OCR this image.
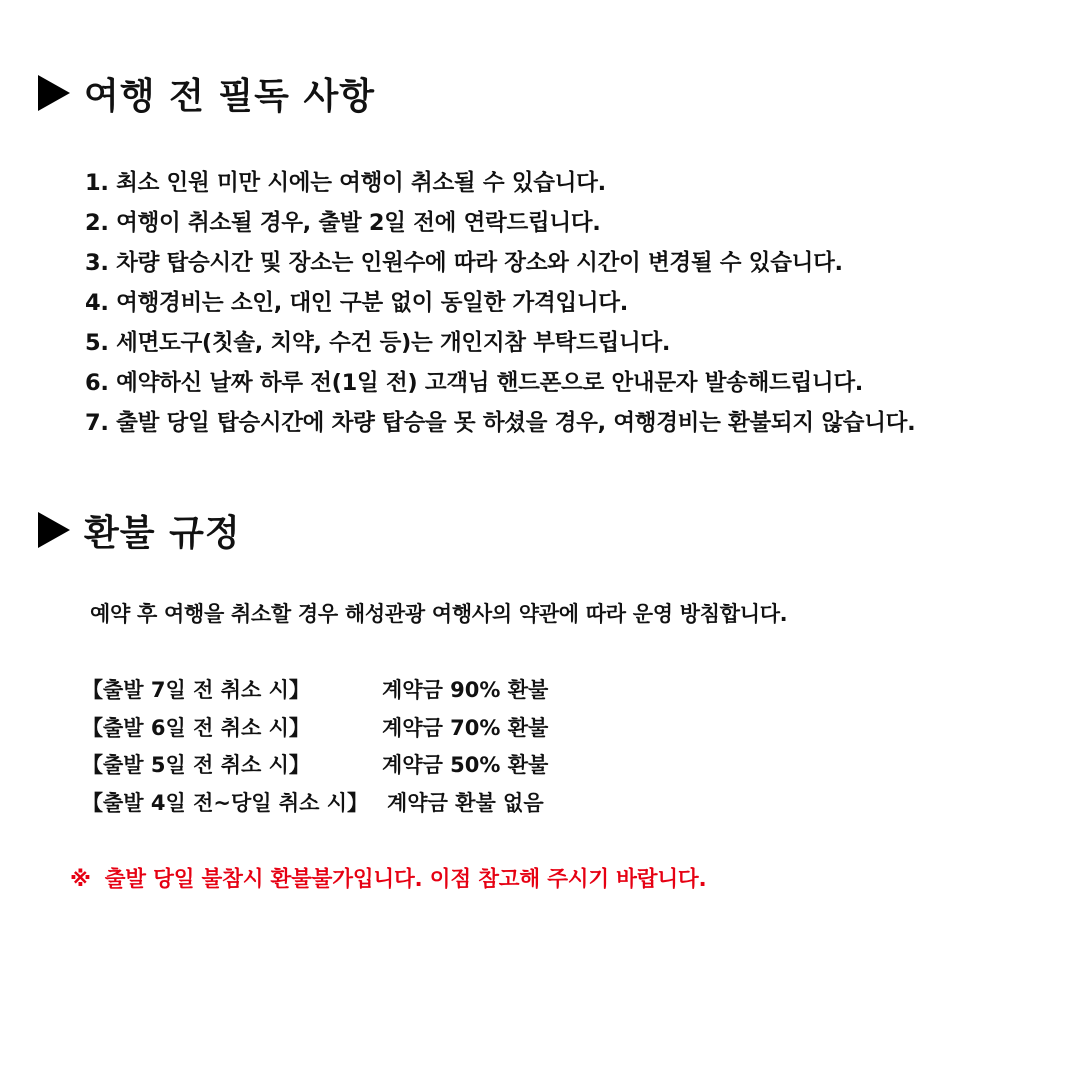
여행 전 필독 사항
1. 최소 인원 미만 시에는 여행이 취소될 수 있습니다.
2. 여행이 취소될 경우, 출발 2일 전에 연락드립니다.
3. 차량 탑승시간 및 장소는 인원수에 따라 장소와 시간이 변경될 수 있습니다.
4. 여행경비는 소인, 대인 구분 없이 동일한 가격입니다.
5. 세면도구(칫솔, 치약, 수건 등)는 개인지참 부탁드립니다.
6. 예약하신 날짜 하루 전(1일 전) 고객님 핸드폰으로 안내문자 발송해드립니다.
7. 출발 당일 탑승시간에 차량 탑승을 못 하셨을 경우, 여행경비는 환불되지 않습니다.
환불 규정
예약 후 여행을 취소할 경우 해성관광 여행사의 약관에 따라 운영 방침합니다.
【출발 7일 전 취소 시】	계약금 90% 환불
【출발 6일 전 취소 시】	계약금 70% 환불
【출발 5일 전 취소 시】	계약금 50% 환불
【출발 4일 전~당일 취소 시】 계약금 환불 없음
※ 출발 당일 불참시 환불불가입니다. 이점 참고해 주시기 바랍니다.
